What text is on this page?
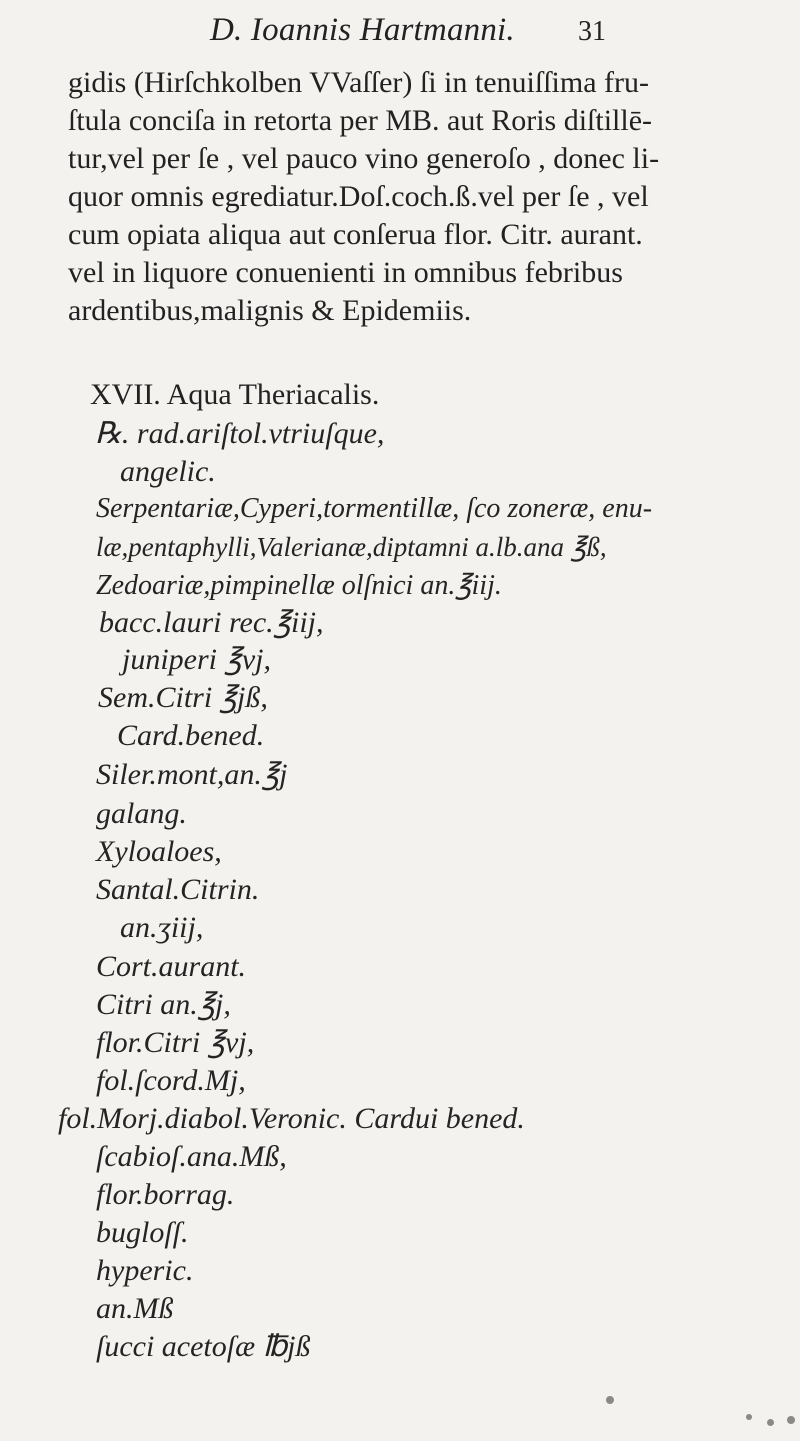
D. Ioannis Hartmanni. 31
gidis (Hirſchkolben VVaſſer) ſi in tenuiſſima fru-
ſtula conciſa in retorta per MB. aut Roris diſtillē-
tur,vel per ſe , vel pauco vino generoſo , donec li-
quor omnis egrediatur.Doſ.coch.ß.vel per ſe , vel
cum opiata aliqua aut conſerua flor. Citr. aurant.
vel in liquore conuenienti in omnibus febribus
ardentibus,malignis & Epidemiis.
XVII. Aqua Theriacalis.
℞. rad.ariſtol.vtriuſque,
angelic.
Serpentariæ,Cyperi,tormentillæ, ſco zoneræ, enu-
læ,pentaphylli,Valerianæ,diptamni a.lb.ana ℥ß,
Zedoariæ,pimpinellæ olſnici an.℥iij.
bacc.lauri rec.℥iij,
juniperi ℥vj,
Sem.Citri ℥jß,
Card.bened.
Siler.mont,an.℥j
galang.
Xyloaloes,
Santal.Citrin.
an.ʒiij,
Cort.aurant.
Citri an.℥j,
flor.Citri ℥vj,
fol.ſcord.Mj,
fol.Morj.diabol.Veronic. Cardui bened.
ſcabioſ.ana.Mß,
flor.borrag.
bugloſſ.
hyperic.
an.Mß
ſucci acetoſæ ℔jß
